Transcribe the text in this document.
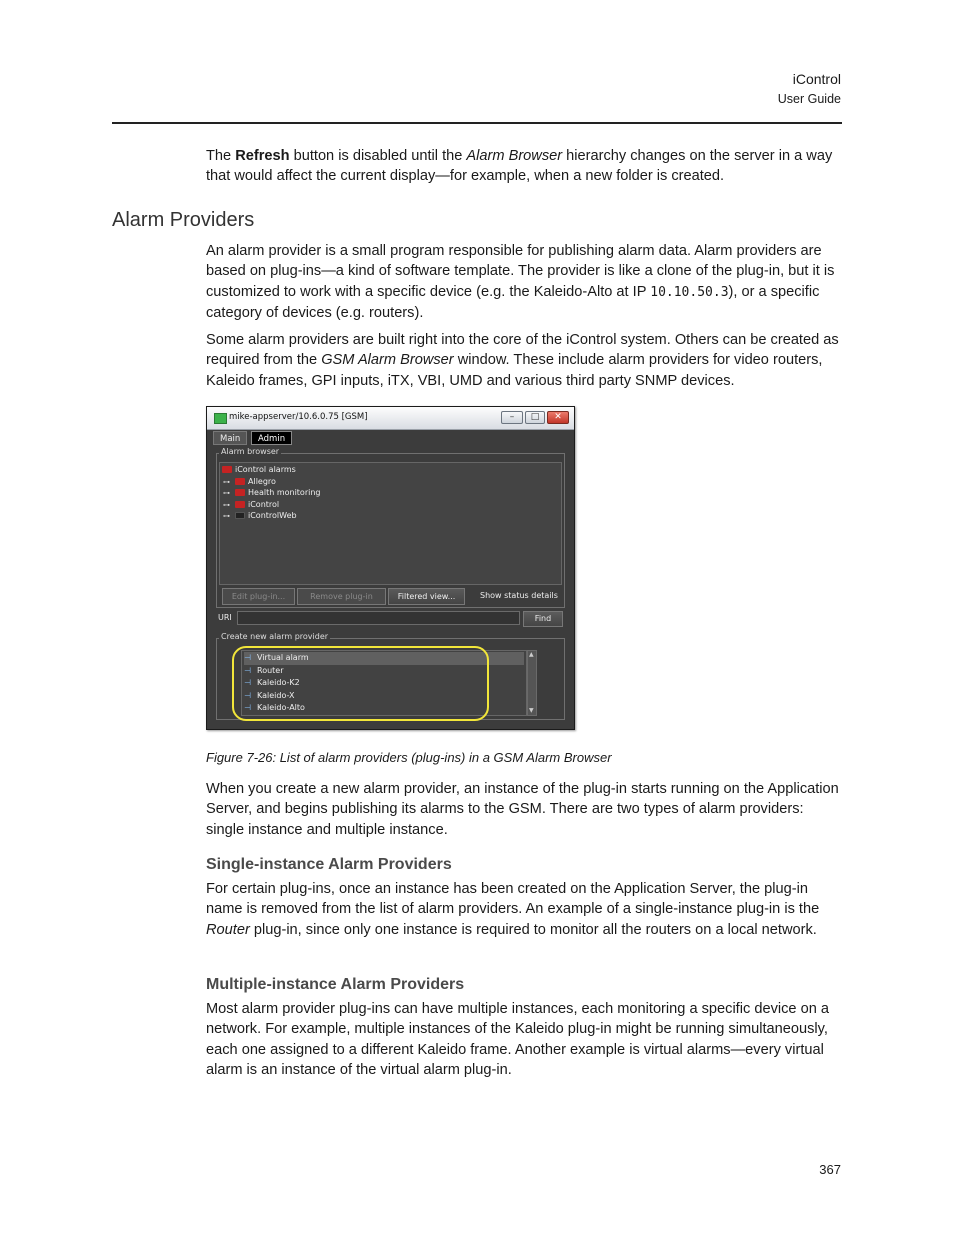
iControl
User Guide
The Refresh button is disabled until the Alarm Browser hierarchy changes on the server in a way that would affect the current display—for example, when a new folder is created.
Alarm Providers
An alarm provider is a small program responsible for publishing alarm data. Alarm providers are based on plug-ins—a kind of software template. The provider is like a clone of the plug-in, but it is customized to work with a specific device (e.g. the Kaleido-Alto at IP 10.10.50.3), or a specific category of devices (e.g. routers).
Some alarm providers are built right into the core of the iControl system. Others can be created as required from the GSM Alarm Browser window. These include alarm providers for video routers, Kaleido frames, GPI inputs, iTX, VBI, UMD and various third party SNMP devices.
mike-appserver/10.6.0.75 [GSM]	–	□	✕
Main	Admin
Alarm browser
iControl alarms
⊶ Allegro
⊶ Health monitoring
⊶ iControl
⊶ iControlWeb
Edit plug-in...	Remove plug-in	Filtered view...	Show status details
URI	Find
Create new alarm provider
⊣ Virtual alarm
⊣ Router
⊣ Kaleido-K2
⊣ Kaleido-X
⊣ Kaleido-Alto
▲
▼
Figure 7-26: List of alarm providers (plug-ins) in a GSM Alarm Browser
When you create a new alarm provider, an instance of the plug-in starts running on the Application Server, and begins publishing its alarms to the GSM. There are two types of alarm providers: single instance and multiple instance.
Single-instance Alarm Providers
For certain plug-ins, once an instance has been created on the Application Server, the plug-in name is removed from the list of alarm providers. An example of a single-instance plug-in is the Router plug-in, since only one instance is required to monitor all the routers on a local network.
Multiple-instance Alarm Providers
Most alarm provider plug-ins can have multiple instances, each monitoring a specific device on a network. For example, multiple instances of the Kaleido plug-in might be running simultaneously, each one assigned to a different Kaleido frame. Another example is virtual alarms—every virtual alarm is an instance of the virtual alarm plug-in.
367
